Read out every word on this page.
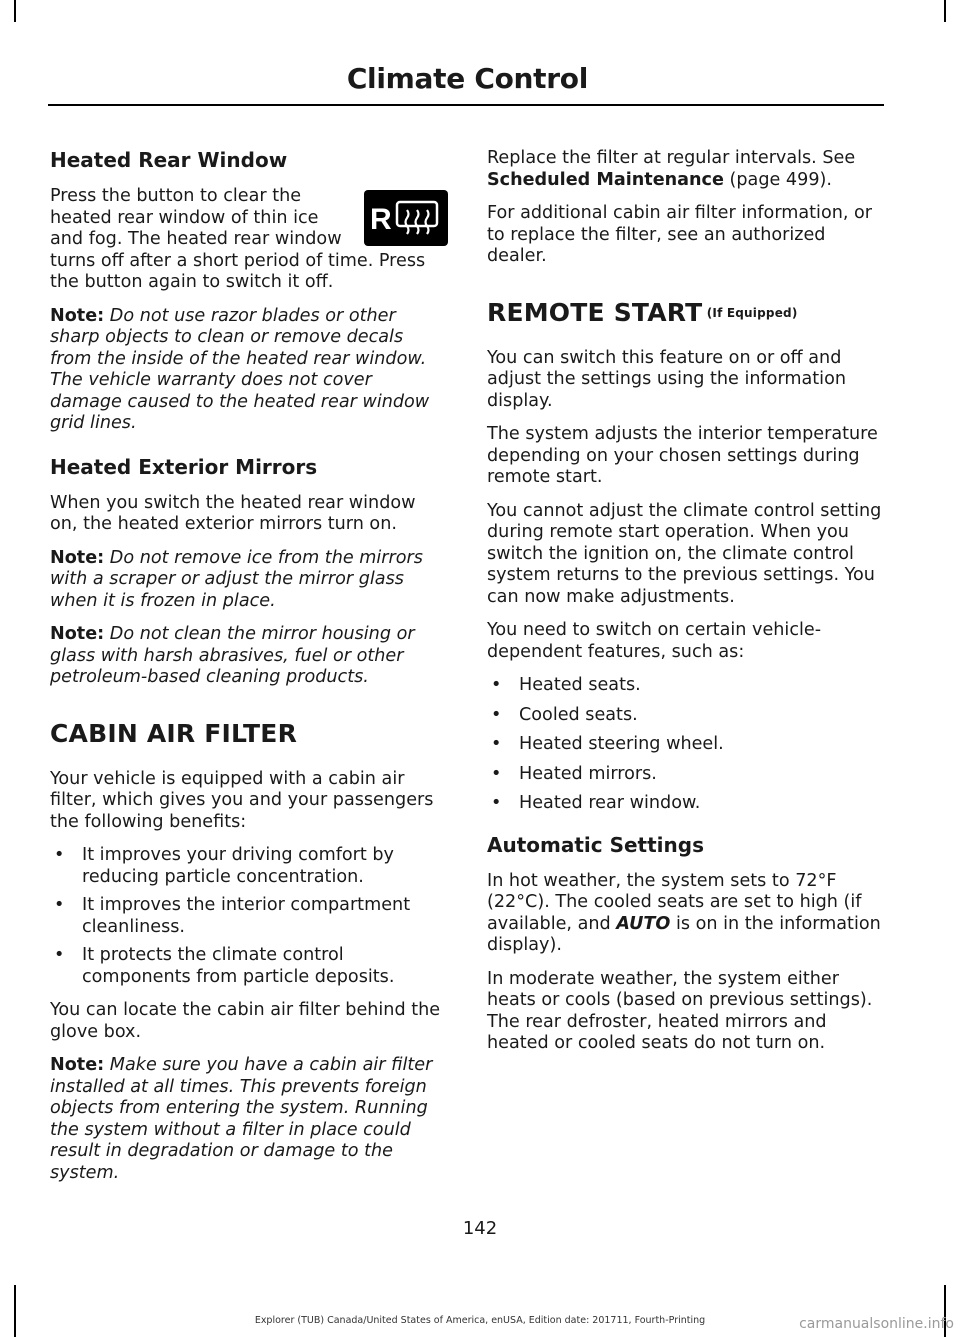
Climate Control
Heated Rear Window
R

Press the button to clear the heated rear window of thin ice and fog. The heated rear window turns off after a short period of time. Press the button again to switch it off.

Note: Do not use razor blades or other sharp objects to clean or remove decals from the inside of the heated rear window. The vehicle warranty does not cover damage caused to the heated rear window grid lines.

Heated Exterior Mirrors

When you switch the heated rear window on, the heated exterior mirrors turn on.

Note: Do not remove ice from the mirrors with a scraper or adjust the mirror glass when it is frozen in place.

Note: Do not clean the mirror housing or glass with harsh abrasives, fuel or other petroleum-based cleaning products.

CABIN AIR FILTER

Your vehicle is equipped with a cabin air filter, which gives you and your passengers the following benefits:

• It improves your driving comfort by reducing particle concentration.
• It improves the interior compartment cleanliness.
• It protects the climate control components from particle deposits.

You can locate the cabin air filter behind the glove box.

Note: Make sure you have a cabin air filter installed at all times. This prevents foreign objects from entering the system. Running the system without a filter in place could result in degradation or damage to the system.

Replace the filter at regular intervals. See Scheduled Maintenance (page 499).

For additional cabin air filter information, or to replace the filter, see an authorized dealer.

REMOTE START (If Equipped)

You can switch this feature on or off and adjust the settings using the information display.

The system adjusts the interior temperature depending on your chosen settings during remote start.

You cannot adjust the climate control setting during remote start operation. When you switch the ignition on, the climate control system returns to the previous settings. You can now make adjustments.

You need to switch on certain vehicle-dependent features, such as:

• Heated seats.
• Cooled seats.
• Heated steering wheel.
• Heated mirrors.
• Heated rear window.
Automatic Settings

In hot weather, the system sets to 72°F (22°C). The cooled seats are set to high (if available, and AUTO is on in the information display).

In moderate weather, the system either heats or cools (based on previous settings). The rear defroster, heated mirrors and heated or cooled seats do not turn on.

142
Explorer (TUB) Canada/United States of America, enUSA, Edition date: 201711, Fourth-Printing	carmanualsonline.info
